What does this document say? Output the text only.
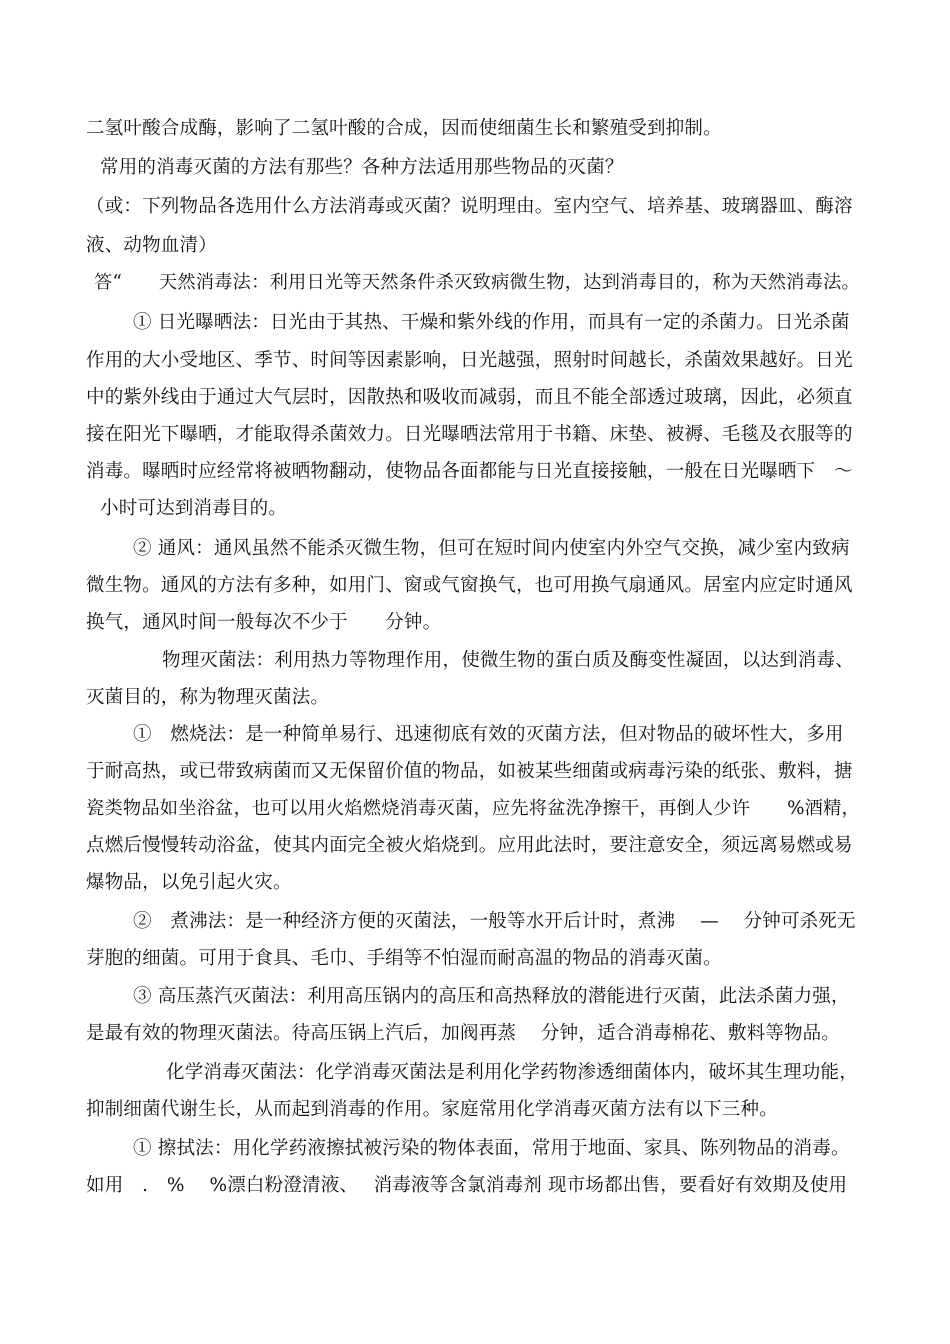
二氢叶酸合成酶，影响了二氢叶酸的合成，因而使细菌生长和繁殖受到抑制。
常用的消毒灭菌的方法有那些？各种方法适用那些物品的灭菌？
（或：下列物品各选用什么方法消毒或灭菌？说明理由。室内空气、培养基、玻璃器皿、酶溶
液、动物血清）
答“　　天然消毒法：利用日光等天然条件杀灭致病微生物，达到消毒目的，称为天然消毒法。
① 日光曝晒法：日光由于其热、干燥和紫外线的作用，而具有一定的杀菌力。日光杀菌
作用的大小受地区、季节、时间等因素影响，日光越强，照射时间越长，杀菌效果越好。日光
中的紫外线由于通过大气层时，因散热和吸收而减弱，而且不能全部透过玻璃，因此，必须直
接在阳光下曝晒，才能取得杀菌效力。日光曝晒法常用于书籍、床垫、被褥、毛毯及衣服等的
消毒。曝晒时应经常将被晒物翻动，使物品各面都能与日光直接接触，一般在日光曝晒下　～
小时可达到消毒目的。
② 通风：通风虽然不能杀灭微生物，但可在短时间内使室内外空气交换，减少室内致病
微生物。通风的方法有多种，如用门、窗或气窗换气，也可用换气扇通风。居室内应定时通风
换气，通风时间一般每次不少于　　分钟。
物理灭菌法：利用热力等物理作用，使微生物的蛋白质及酶变性凝固，以达到消毒、
灭菌目的，称为物理灭菌法。
①　燃烧法：是一种简单易行、迅速彻底有效的灭菌方法，但对物品的破坏性大，多用
于耐高热，或已带致病菌而又无保留价值的物品，如被某些细菌或病毒污染的纸张、敷料，搪
瓷类物品如坐浴盆，也可以用火焰燃烧消毒灭菌，应先将盆洗净擦干，再倒人少许　　%酒精，
点燃后慢慢转动浴盆，使其内面完全被火焰烧到。应用此法时，要注意安全，须远离易燃或易
爆物品，以免引起火灾。
②　煮沸法：是一种经济方便的灭菌法，一般等水开后计时，煮沸　 —　 分钟可杀死无
芽胞的细菌。可用于食具、毛巾、手绢等不怕湿而耐高温的物品的消毒灭菌。
③ 高压蒸汽灭菌法：利用高压锅内的高压和高热释放的潜能进行灭菌，此法杀菌力强，
是最有效的物理灭菌法。待高压锅上汽后，加阀再蒸　 分钟，适合消毒棉花、敷料等物品。
化学消毒灭菌法：化学消毒灭菌法是利用化学药物渗透细菌体内，破坏其生理功能，
抑制细菌代谢生长，从而起到消毒的作用。家庭常用化学消毒灭菌方法有以下三种。
① 擦拭法：用化学药液擦拭被污染的物体表面，常用于地面、家具、陈列物品的消毒。
如用　.　%　 %漂白粉澄清液、　 消毒液等含氯消毒剂 现市场都出售，要看好有效期及使用
